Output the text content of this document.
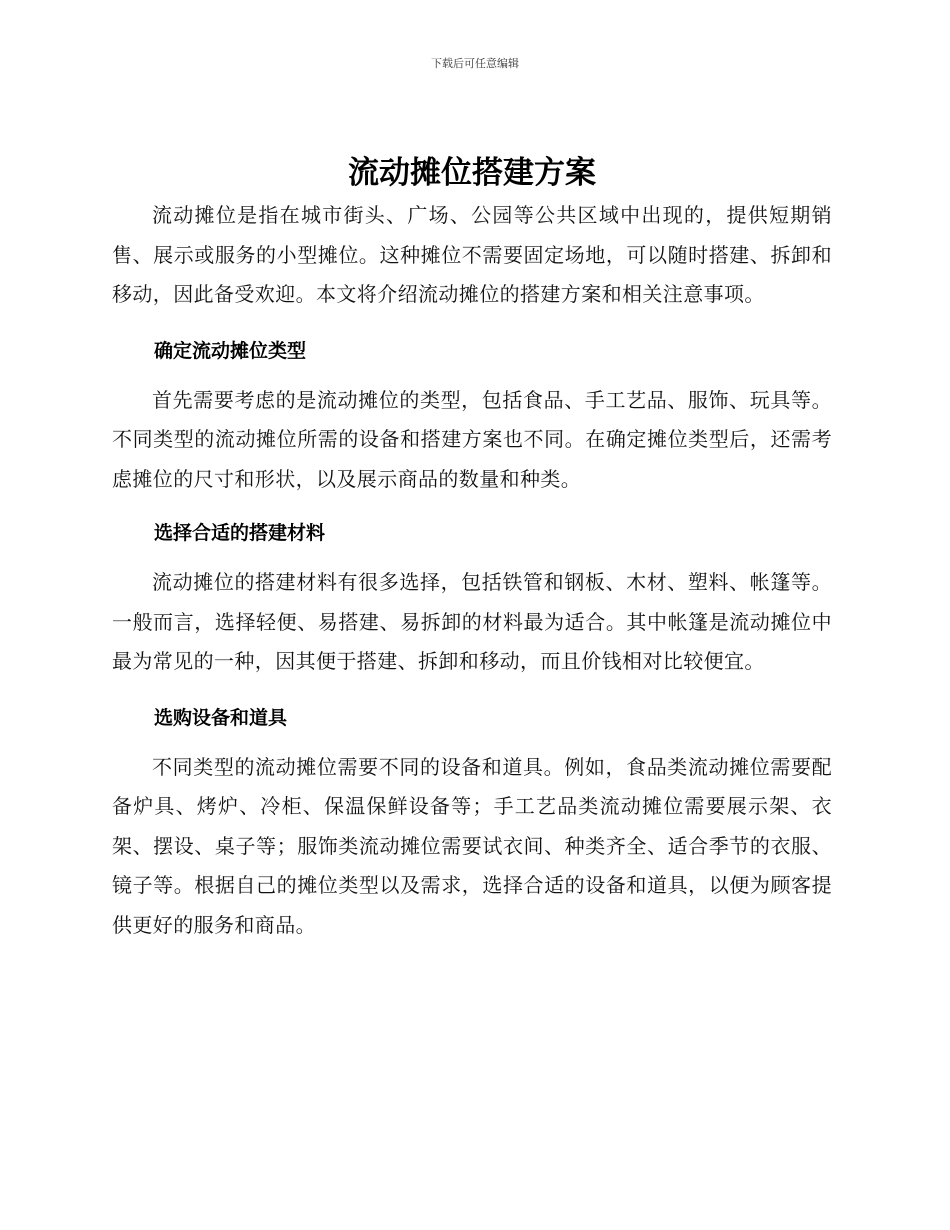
下载后可任意编辑
流动摊位搭建方案

流动摊位是指在城市街头、广场、公园等公共区域中出现的，提供短期销售、展示或服务的小型摊位。这种摊位不需要固定场地，可以随时搭建、拆卸和移动，因此备受欢迎。本文将介绍流动摊位的搭建方案和相关注意事项。

确定流动摊位类型

首先需要考虑的是流动摊位的类型，包括食品、手工艺品、服饰、玩具等。不同类型的流动摊位所需的设备和搭建方案也不同。在确定摊位类型后，还需考虑摊位的尺寸和形状，以及展示商品的数量和种类。

选择合适的搭建材料

流动摊位的搭建材料有很多选择，包括铁管和钢板、木材、塑料、帐篷等。一般而言，选择轻便、易搭建、易拆卸的材料最为适合。其中帐篷是流动摊位中最为常见的一种，因其便于搭建、拆卸和移动，而且价钱相对比较便宜。

选购设备和道具

不同类型的流动摊位需要不同的设备和道具。例如，食品类流动摊位需要配备炉具、烤炉、冷柜、保温保鲜设备等；手工艺品类流动摊位需要展示架、衣架、摆设、桌子等；服饰类流动摊位需要试衣间、种类齐全、适合季节的衣服、镜子等。根据自己的摊位类型以及需求，选择合适的设备和道具，以便为顾客提供更好的服务和商品。
